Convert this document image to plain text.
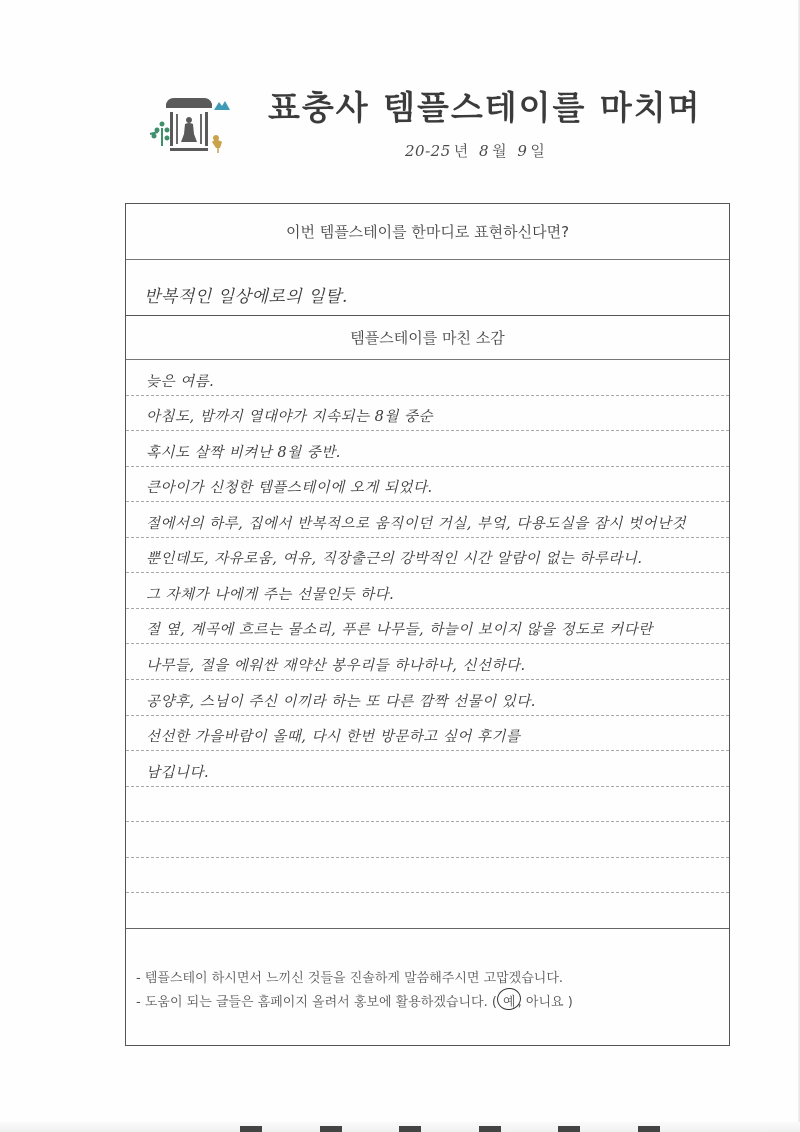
표충사 템플스테이를 마치며
20-25 년 8 월 9 일
이번 템플스테이를 한마디로 표현하신다면?
반복적인 일상에로의 일탈.
템플스테이를 마친 소감
늦은 여름.
아침도, 밤까지 열대야가 지속되는 8월 중순
혹시도 살짝 비켜난 8월 중반.
큰아이가 신청한 템플스테이에 오게 되었다.
절에서의 하루, 집에서 반복적으로 움직이던 거실, 부엌, 다용도실을 잠시 벗어난것
뿐인데도, 자유로움, 여유, 직장출근의 강박적인 시간 알람이 없는 하루라니.
그 자체가 나에게 주는 선물인듯 하다.
절 옆, 계곡에 흐르는 물소리, 푸른 나무들, 하늘이 보이지 않을 정도로 커다란
나무들, 절을 에워싼 재약산 봉우리들 하나하나, 신선하다.
공양후, 스님이 주신 이끼라 하는 또 다른 깜짝 선물이 있다.
선선한 가을바람이 올때, 다시 한번 방문하고 싶어 후기를
남깁니다.
- 템플스테이 하시면서 느끼신 것들을 진솔하게 말씀해주시면 고맙겠습니다.
- 도움이 되는 글들은 홈페이지 올려서 홍보에 활용하겠습니다. ( 예 , 아니요 )
